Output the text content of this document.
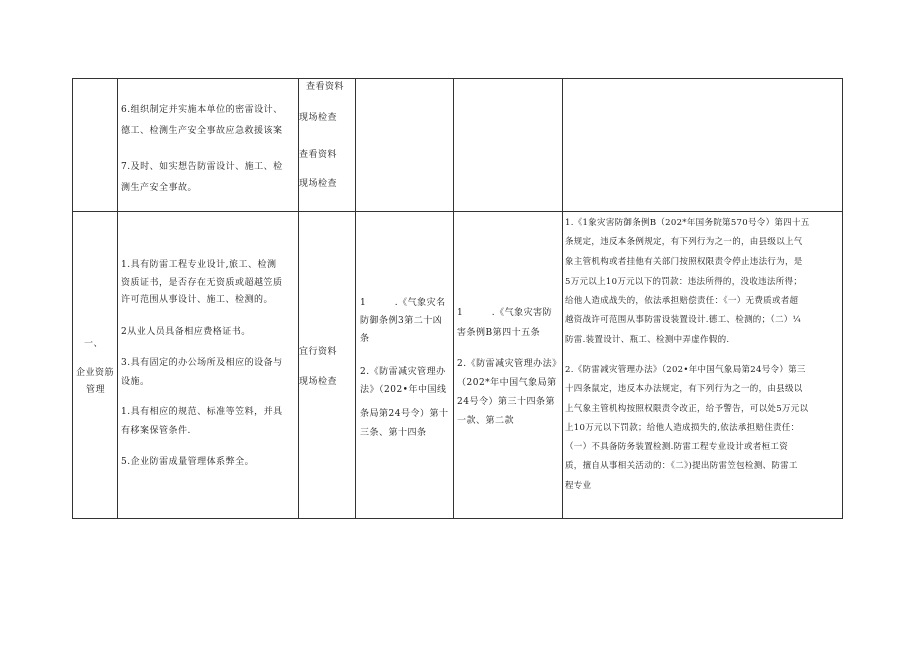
6.组织制定并实施本单位的密雷设计、

德工、检测生产安全事故应急救援该案

7.及时、如实想告防雷设计、施工、检

测生产安全事故。

查看资料

现场检查

查看资料

现场检查

一、

企业资筋

管理

1.具有防雷工程专业设计,旅工、检测

资质证书，是否存在无资质或超越笠质

许可范围从事设计、施工、检测的。

2从业人员具备相应费格证书。

3.具有固定的办公场所及相应的设备与

设施。

1.具有相应的规范、标准等笠料，并具

有移案保管条件.

5.企业防雷成量管理体系弊全。

宜行资料

现场检查

1　　　.《气象灾名

防御条例3第二十凶

条

2.《防雷减灾管理办

法》（202•年中国线

条局第24号令）第十

三条、第十四条

1　　　.《气象灾害防

害条例B第四十五条

2.《防雷减灾管理办法》

（202*年中国气象局第

24号令）第三十四条第

一款、第二款

1.《1象灾害防御条例B（202*年国务院第570号令）第四十五

条规定，违反本条例规定，有下列行为之一的，由县级以上气

象主管机构或者挂他有关部门按照权限责令停止违法行为，是

5万元以上10万元以下的罚款：违法所得的，没收违法所得；

给他人造成战失的，依法承担赔偿责任：《一）无费质或者超

越资战许可范围从事防雷设装置设计.德工、检测的；（二）¼

防雷.装置设计、瓶工、检测中弄虚作假的.

2.《防雷减灾管理办法》（202•年中国气象局第24号令）第三

十四条鼠定，违反本办法规定，有下列行为之一的，由县级以

上气象主管机构按照权限责令改正，给予警告，可以处5万元以

上10万元以下罚款；给他人造成损失的,依法承担赔住责任：

（一）不具备防务装置检测.防雷工程专业设计或者桓工资

质，擅自从事相关活动的：《二》)提出防雷笠包检测、防雷工

程专业
